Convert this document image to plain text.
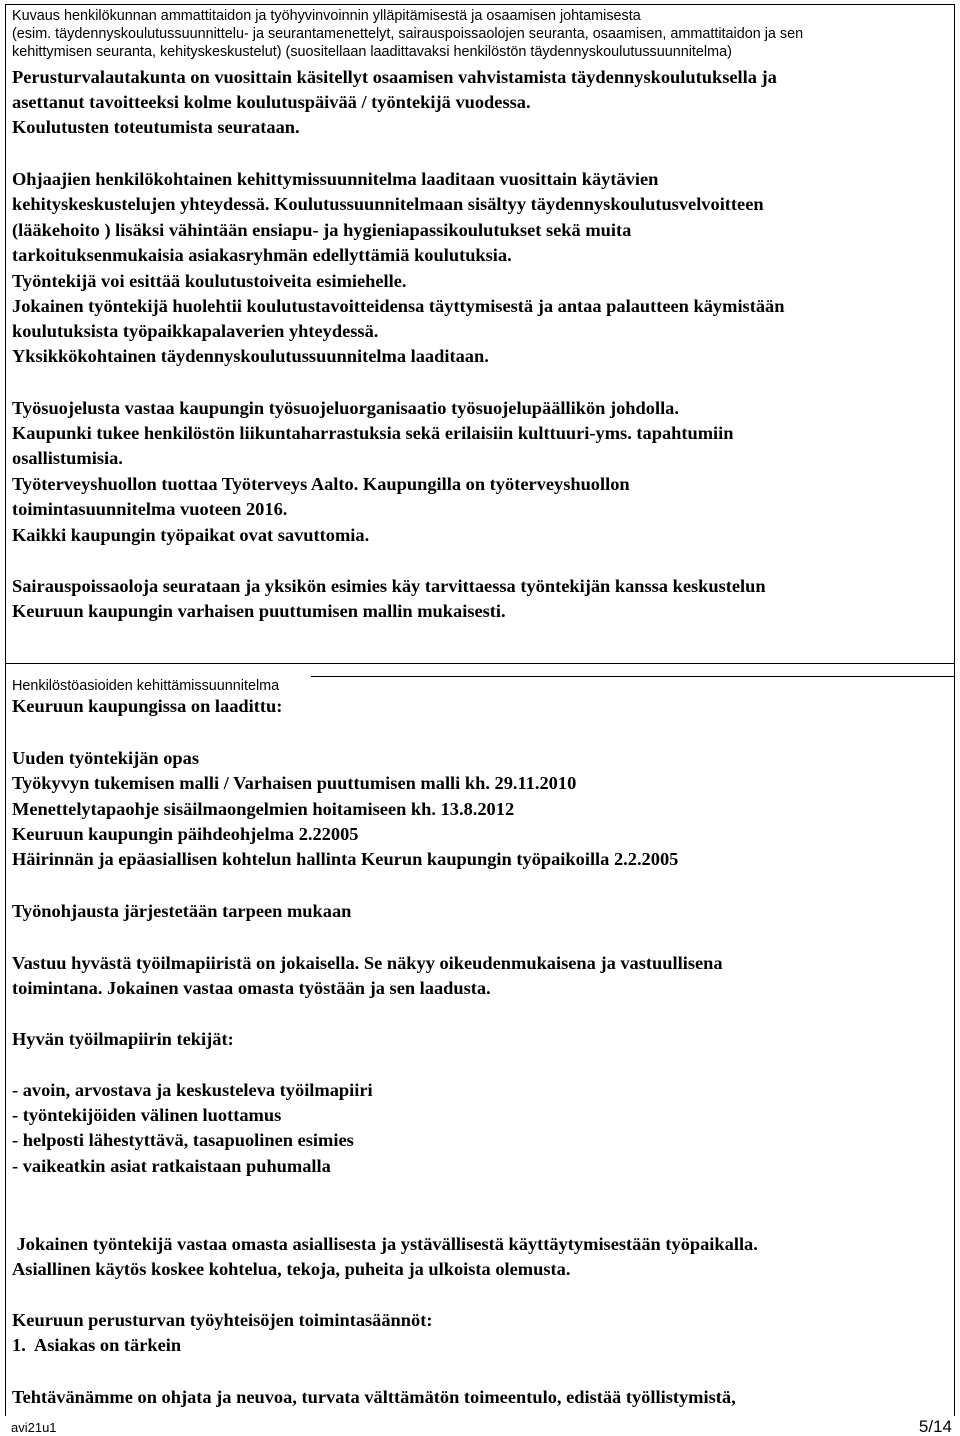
Kuvaus henkilökunnan ammattitaidon ja työhyvinvoinnin ylläpitämisestä ja osaamisen johtamisesta
(esim. täydennyskoulutussuunnittelu- ja seurantamenettelyt, sairauspoissaolojen seuranta, osaamisen, ammattitaidon ja sen
kehittymisen seuranta, kehityskeskustelut) (suositellaan laadittavaksi henkilöstön täydennyskoulutussuunnitelma)
Perusturvalautakunta on vuosittain käsitellyt osaamisen vahvistamista täydennyskoulutuksella ja
asettanut tavoitteeksi kolme koulutuspäivää / työntekijä vuodessa.
Koulutusten toteutumista seurataan.
Ohjaajien henkilökohtainen kehittymissuunnitelma laaditaan vuosittain käytävien
kehityskeskustelujen yhteydessä. Koulutussuunnitelmaan sisältyy täydennyskoulutusvelvoitteen
(lääkehoito ) lisäksi vähintään ensiapu- ja hygieniapassikoulutukset sekä muita
tarkoituksenmukaisia asiakasryhmän edellyttämiä koulutuksia.
Työntekijä voi esittää koulutustoiveita esimiehelle.
Jokainen työntekijä huolehtii koulutustavoitteidensa täyttymisestä ja antaa palautteen käymistään
koulutuksista työpaikkapalaverien yhteydessä.
Yksikkökohtainen täydennyskoulutussuunnitelma laaditaan.
Työsuojelusta vastaa kaupungin työsuojeluorganisaatio työsuojelupäällikön johdolla.
Kaupunki tukee henkilöstön liikuntaharrastuksia sekä erilaisiin kulttuuri-yms. tapahtumiin
osallistumisia.
Työterveyshuollon tuottaa Työterveys Aalto. Kaupungilla on työterveyshuollon
toimintasuunnitelma vuoteen 2016.
Kaikki kaupungin työpaikat ovat savuttomia.
Sairauspoissaoloja seurataan ja yksikön esimies käy tarvittaessa työntekijän kanssa keskustelun
Keuruun kaupungin varhaisen puuttumisen mallin mukaisesti.
Henkilöstöasioiden kehittämissuunnitelma
Keuruun kaupungissa on laadittu:
Uuden työntekijän opas
Työkyvyn tukemisen malli / Varhaisen puuttumisen malli kh. 29.11.2010
Menettelytapaohje sisäilmaongelmien hoitamiseen kh. 13.8.2012
Keuruun kaupungin päihdeohjelma 2.22005
Häirinnän ja epäasiallisen kohtelun hallinta Keurun kaupungin työpaikoilla 2.2.2005
Työnohjausta järjestetään tarpeen mukaan
Vastuu hyvästä työilmapiiristä on jokaisella. Se näkyy oikeudenmukaisena ja vastuullisena
toimintana. Jokainen vastaa omasta työstään ja sen laadusta.
Hyvän työilmapiirin tekijät:
- avoin, arvostava ja keskusteleva työilmapiiri
- työntekijöiden välinen luottamus
- helposti lähestyttävä, tasapuolinen esimies
- vaikeatkin asiat ratkaistaan puhumalla
Jokainen työntekijä vastaa omasta asiallisesta ja ystävällisestä käyttäytymisestään työpaikalla.
Asiallinen käytös koskee kohtelua, tekoja, puheita ja ulkoista olemusta.
Keuruun perusturvan työyhteisöjen toimintasäännöt:
1.  Asiakas on tärkein
Tehtävänämme on ohjata ja neuvoa, turvata välttämätön toimeentulo, edistää työllistymistä,
avi21u1	5/14
